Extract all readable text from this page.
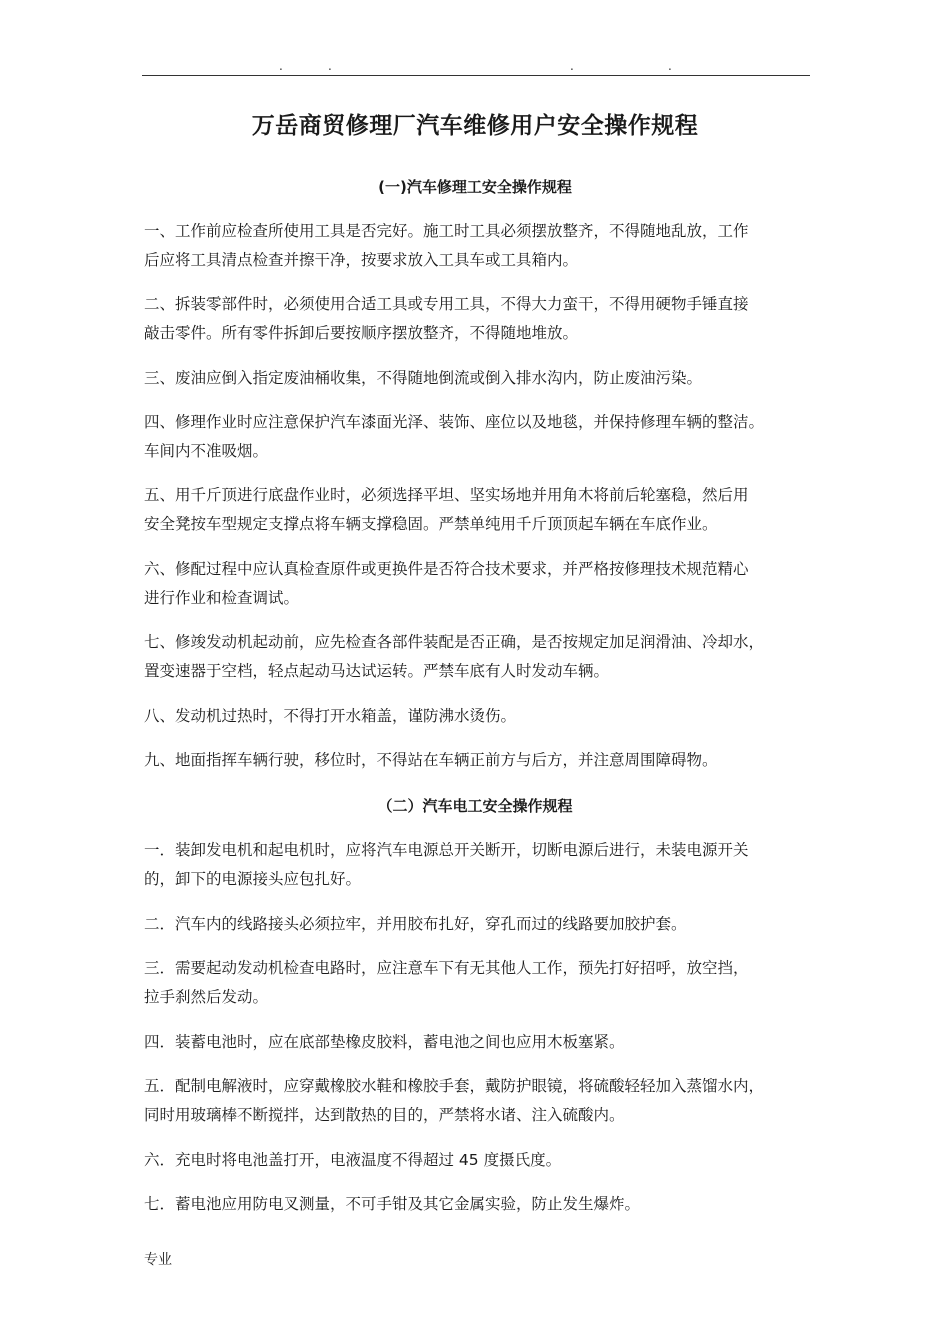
.	.	.	.
万岳商贸修理厂汽车维修用户安全操作规程
(一)汽车修理工安全操作规程
一、工作前应检查所使用工具是否完好。施工时工具必须摆放整齐，不得随地乱放，工作
后应将工具清点检查并擦干净，按要求放入工具车或工具箱内。
二、拆装零部件时，必须使用合适工具或专用工具，不得大力蛮干，不得用硬物手锤直接
敲击零件。所有零件拆卸后要按顺序摆放整齐，不得随地堆放。
三、废油应倒入指定废油桶收集，不得随地倒流或倒入排水沟内，防止废油污染。
四、修理作业时应注意保护汽车漆面光泽、装饰、座位以及地毯，并保持修理车辆的整洁。
车间内不准吸烟。
五、用千斤顶进行底盘作业时，必须选择平坦、坚实场地并用角木将前后轮塞稳，然后用
安全凳按车型规定支撑点将车辆支撑稳固。严禁单纯用千斤顶顶起车辆在车底作业。
六、修配过程中应认真检查原件或更换件是否符合技术要求，并严格按修理技术规范精心
进行作业和检查调试。
七、修竣发动机起动前，应先检查各部件装配是否正确，是否按规定加足润滑油、冷却水，
置变速器于空档，轻点起动马达试运转。严禁车底有人时发动车辆。
八、发动机过热时，不得打开水箱盖，谨防沸水烫伤。
九、地面指挥车辆行驶，移位时，不得站在车辆正前方与后方，并注意周围障碍物。
（二）汽车电工安全操作规程
一．装卸发电机和起电机时，应将汽车电源总开关断开，切断电源后进行，未装电源开关
的，卸下的电源接头应包扎好。
二．汽车内的线路接头必须拉牢，并用胶布扎好，穿孔而过的线路要加胶护套。
三．需要起动发动机检查电路时，应注意车下有无其他人工作，预先打好招呼，放空挡，
拉手刹然后发动。
四．装蓄电池时，应在底部垫橡皮胶料，蓄电池之间也应用木板塞紧。
五．配制电解液时，应穿戴橡胶水鞋和橡胶手套，戴防护眼镜，将硫酸轻轻加入蒸馏水内，
同时用玻璃棒不断搅拌，达到散热的目的，严禁将水诸、注入硫酸内。
六．充电时将电池盖打开，电液温度不得超过 45 度摄氏度。
七．蓄电池应用防电叉测量，不可手钳及其它金属实验，防止发生爆炸。
专业
